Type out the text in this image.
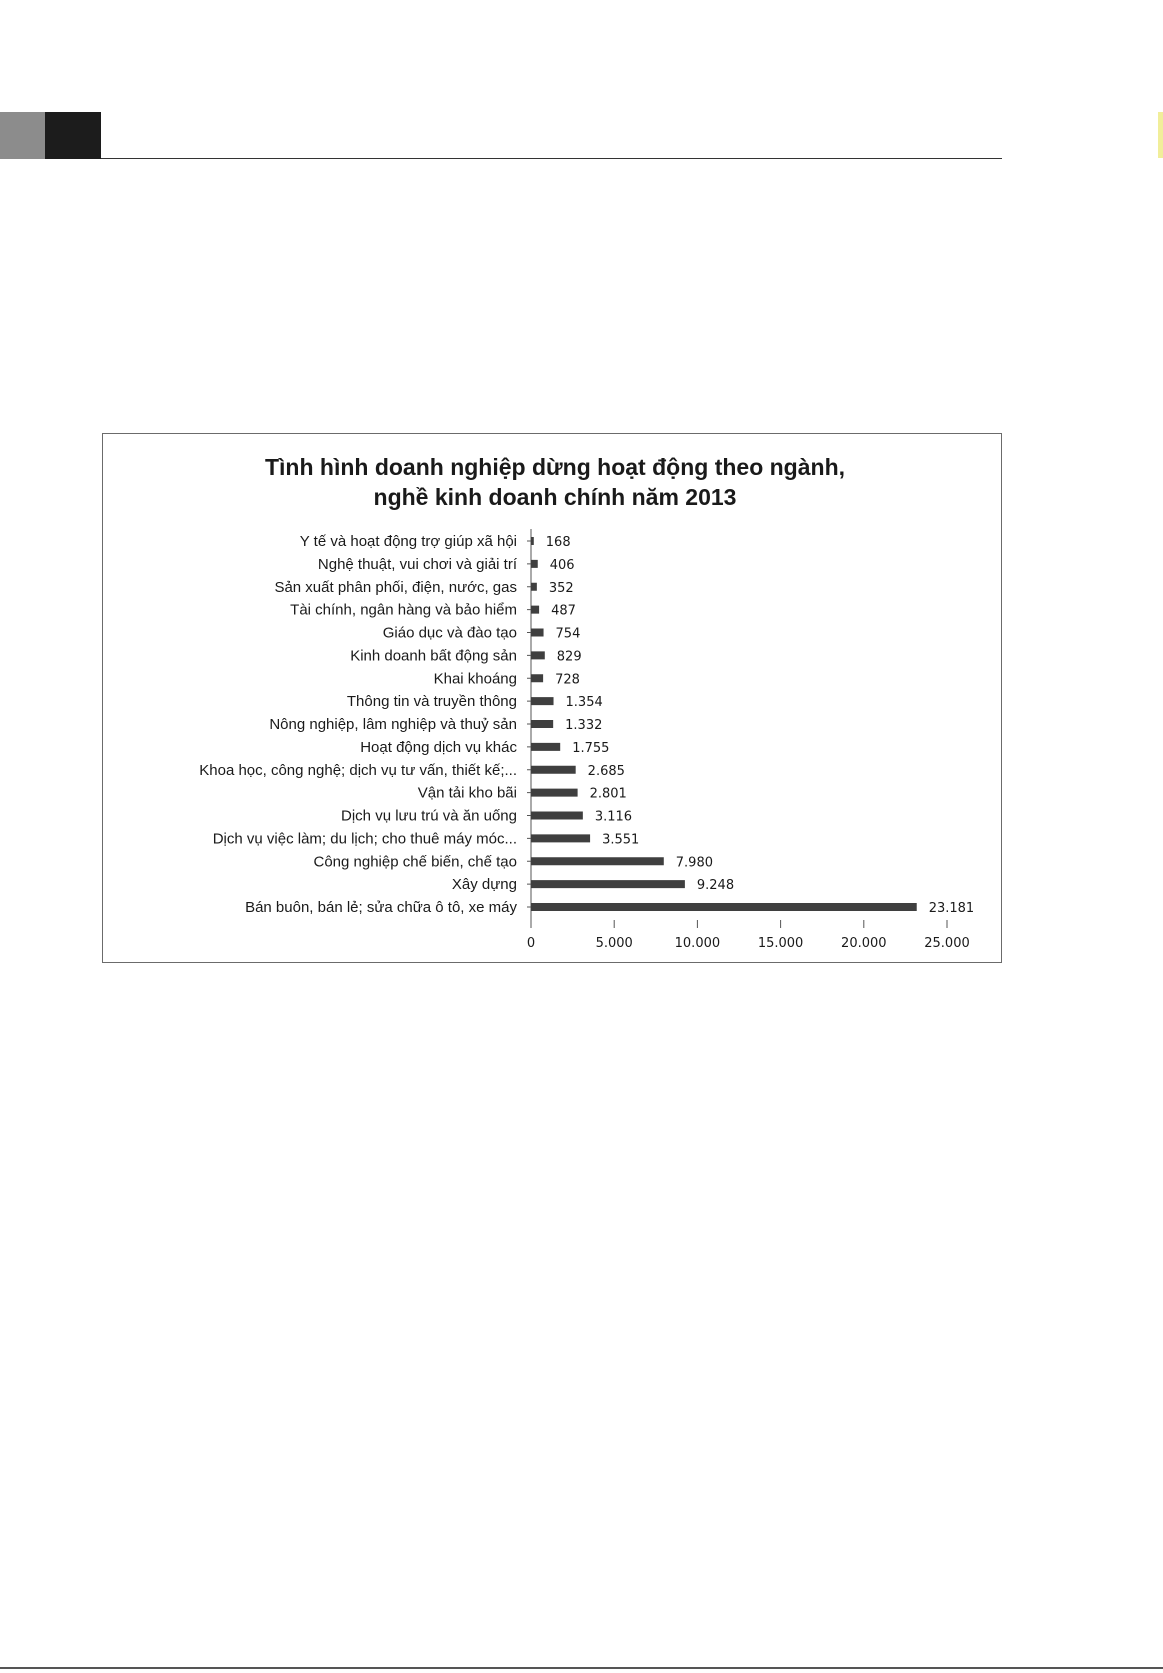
Tình hình doanh nghiệp dừng hoạt động theo ngành,
nghề kinh doanh chính năm 2013
Y tế và hoạt động trợ giúp xã hội 168
Nghệ thuật, vui chơi và giải trí	406
Sản xuất phân phối, điện, nước, gas 352
Tài chính, ngân hàng và bảo hiểm	487
Giáo dục và đào tạo	754
Kinh doanh bất động sản	829
Khai khoáng	728
Thông tin và truyền thông	1.354
Nông nghiệp, lâm nghiệp và thuỷ sản	1.332
Hoạt động dịch vụ khác	1.755
Khoa học, công nghệ; dịch vụ tư vấn, thiết kế;...	2.685
Vận tải kho bãi	2.801
Dịch vụ lưu trú và ăn uống	3.116
Dịch vụ việc làm; du lịch; cho thuê máy móc...	3.551
Công nghiệp chế biến, chế tạo	7.980
Xây dựng	9.248
Bán buôn, bán lẻ; sửa chữa ô tô, xe máy	23.181
0	5.000	10.000	15.000	20.000	25.000
